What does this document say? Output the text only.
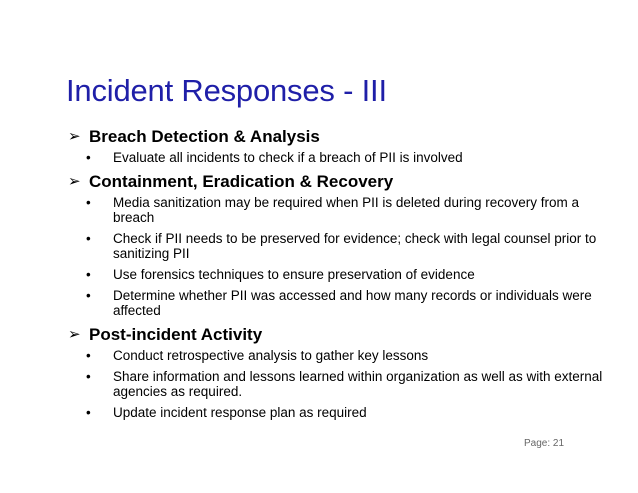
Incident Responses - III
➢ Breach Detection & Analysis
• Evaluate all incidents to check if a breach of PII is involved
➢ Containment, Eradication & Recovery
• Media sanitization may be required when PII is deleted during recovery from a breach
• Check if PII needs to be preserved for evidence; check with legal counsel prior to sanitizing PII
• Use forensics techniques to ensure preservation of evidence
• Determine whether PII was accessed and how many records or individuals were affected
➢ Post-incident Activity
• Conduct retrospective analysis to gather key lessons
• Share information and lessons learned within organization as well as with external agencies as required.
• Update incident response plan as required
Page: 21
